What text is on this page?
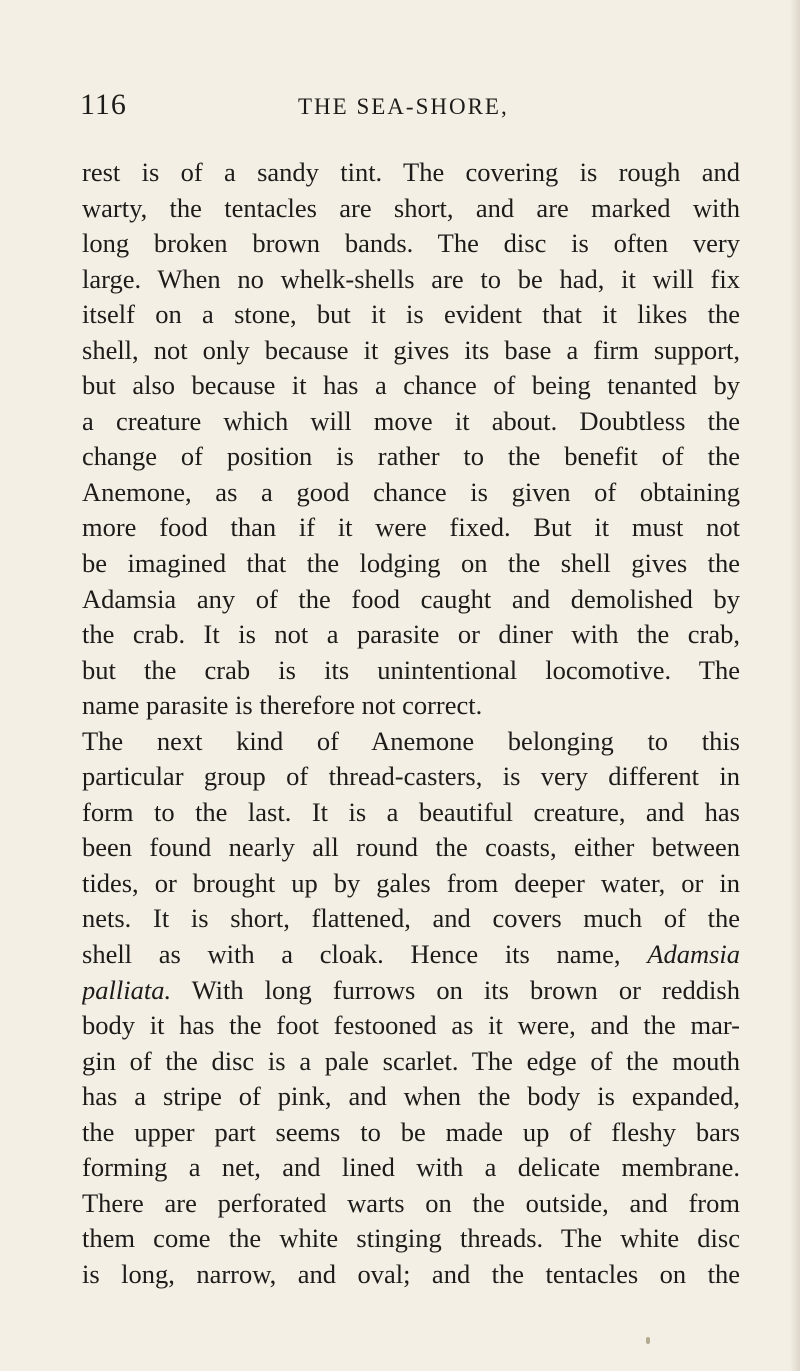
116	THE SEA-SHORE,
rest is of a sandy tint. The covering is rough and
warty, the tentacles are short, and are marked with
long broken brown bands. The disc is often very
large. When no whelk-shells are to be had, it will fix
itself on a stone, but it is evident that it likes the
shell, not only because it gives its base a firm support,
but also because it has a chance of being tenanted by
a creature which will move it about. Doubtless the
change of position is rather to the benefit of the
Anemone, as a good chance is given of obtaining
more food than if it were fixed. But it must not
be imagined that the lodging on the shell gives the
Adamsia any of the food caught and demolished by
the crab. It is not a parasite or diner with the crab,
but the crab is its unintentional locomotive. The
name parasite is therefore not correct.
The next kind of Anemone belonging to this
particular group of thread-casters, is very different in
form to the last. It is a beautiful creature, and has
been found nearly all round the coasts, either between
tides, or brought up by gales from deeper water, or in
nets. It is short, flattened, and covers much of the
shell as with a cloak. Hence its name, Adamsia
palliata. With long furrows on its brown or reddish
body it has the foot festooned as it were, and the mar-
gin of the disc is a pale scarlet. The edge of the mouth
has a stripe of pink, and when the body is expanded,
the upper part seems to be made up of fleshy bars
forming a net, and lined with a delicate membrane.
There are perforated warts on the outside, and from
them come the white stinging threads. The white disc
is long, narrow, and oval; and the tentacles on the
